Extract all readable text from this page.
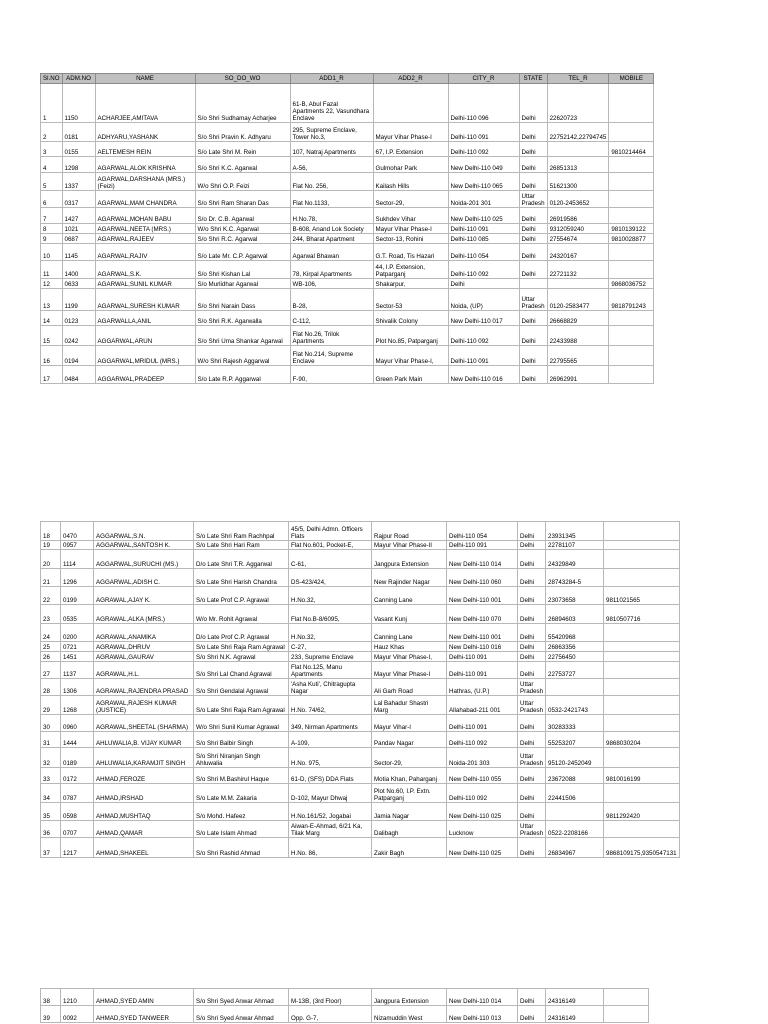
Sl.NO	ADM.NO	NAME	SO_DO_WO	ADD1_R	ADD2_R	CITY_R	STATE	TEL_R	MOBILE
1	1150	ACHARJEE,AMITAVA	S/o Shri Sudhamay Acharjee	61-B, Abul Fazal Apartments 22, Vasundhara Enclave		Delhi-110 096	Delhi	22620723	
2	0181	ADHYARU,YASHANK	S/o Shri Pravin K. Adhyaru	295, Supreme Enclave, Tower No.3,	Mayur Vihar Phase-I	Delhi-110 091	Delhi	22752142,22794745	
3	0155	AELTEMESH REIN	S/o Late Shri M. Rein	107, Natraj Apartments	67, I.P. Extension	Delhi-110 092	Delhi		9810214464
4	1298	AGARWAL,ALOK KRISHNA	S/o Shri K.C. Agarwal	A-56,	Gulmohar Park	New Delhi-110 049	Delhi	26851313	
5	1337	AGARWAL,DARSHANA (MRS.) (Feizi)	W/o Shri O.P. Feizi	Flat No. 256,	Kailash Hills	New Delhi-110 065	Delhi	51621300	
6	0317	AGARWAL,MAM CHANDRA	S/o Shri Ram Sharan Das	Flat No.1133,	Sector-29,	Noida-201 301	Uttar Pradesh	0120-2453652	
7	1427	AGARWAL,MOHAN BABU	S/o Dr. C.B. Agarwal	H.No.78,	Sukhdev Vihar	New Delhi-110 025	Delhi	26919586	
8	1021	AGARWAL,NEETA (MRS.)	W/o Shri K.C. Agarwal	B-608, Anand Lok Society	Mayur Vihar Phase-I	Delhi-110 091	Delhi	9312059240	9810139122
9	0687	AGARWAL,RAJEEV	S/o Shri R.C. Agarwal	244, Bharat Apartment	Sector-13, Rohini	Delhi-110 085	Delhi	27554674	9810028877
10	1145	AGARWAL,RAJIV	S/o Late Mr. C.P. Agarwal	Agarwal Bhawan	G.T. Road, Tis Hazari	Delhi-110 054	Delhi	24320167	
11	1400	AGARWAL,S.K.	S/o Shri Kishan Lal	78, Kirpal Apartments	44, I.P. Extension, Patparganj	Delhi-110 092	Delhi	22721132	
12	0633	AGARWAL,SUNIL KUMAR	S/o Murlidhar Agarwal	WB-106,	Shakarpur,	Delhi			9868036752
13	1199	AGARWAL,SURESH KUMAR	S/o Shri Narain Dass	B-28,	Sector-53	Noida, (UP)	Uttar Pradesh	0120-2583477	9818791243
14	0123	AGARWALLA,ANIL	S/o Shri R.K. Agarwalla	C-112,	Shivalik Colony	New Delhi-110 017	Delhi	26668829	
15	0242	AGGARWAL,ARUN	S/o Shri Uma Shankar Agarwal	Flat No.26, Trilok Apartments	Plot No.85, Patparganj	Delhi-110 092	Delhi	22433988	
16	0194	AGGARWAL,MRIDUL (MRS.)	W/o Shri Rajesh Aggarwal	Flat No.214, Supreme Enclave	Mayur Vihar Phase-I,	Delhi-110 091	Delhi	22795565	
17	0484	AGGARWAL,PRADEEP	S/o Late R.P. Aggarwal	F-90,	Green Park Main	New Delhi-110 016	Delhi	26962991	
18	0470	AGGARWAL,S.N.	S/o Late Shri Ram Rachhpal	45/5, Delhi Admn. Officers Flats	Rajpur Road	Delhi-110 054	Delhi	23931345	
19	0957	AGGARWAL,SANTOSH K.	S/o Late Shri Hari Ram	Flat No.601, Pocket-E,	Mayur Vihar Phase-II	Delhi-110 091	Delhi	22781107	
20	1114	AGGARWAL,SURUCHI (MS.)	D/o Late Shri T.R. Aggarwal	C-61,	Jangpura Extension	New Delhi-110 014	Delhi	24329849	
21	1296	AGGARWAL,ADISH C.	S/o Late Shri Harish Chandra	DS-423/424,	New Rajinder Nagar	New Delhi-110 060	Delhi	28743284-5	
22	0199	AGRAWAL,AJAY K.	S/o Late Prof C.P. Agrawal	H.No.32,	Canning Lane	New Delhi-110 001	Delhi	23073658	9811021565
23	0535	AGRAWAL,ALKA (MRS.)	W/o Mr. Rohit Agrawal	Flat No.B-8/6095,	Vasant Kunj	New Delhi-110 070	Delhi	26894603	9810507716
24	0200	AGRAWAL,ANAMIKA	D/o Late Prof C.P. Agrawal	H.No.32,	Canning Lane	New Delhi-110 001	Delhi	55420968	
25	0721	AGRAWAL,DHRUV	S/o Late Shri Raja Ram Agrawal	C-27,	Hauz Khas	New Delhi-110 016	Delhi	26863356	
26	1451	AGRAWAL,GAURAV	S/o Shri N.K. Agrawal	233, Supreme Enclave	Mayur Vihar Phase-I,	Delhi-110 091	Delhi	22756450	
27	1137	AGRAWAL,H.L.	S/o Shri Lal Chand Agrawal	Flat No.125, Manu Apartments	Mayur Vihar Phase-I	Delhi-110 091	Delhi	22753727	
28	1306	AGRAWAL,RAJENDRA PRASAD	S/o Shri Gendalal Agrawal	'Asha Kuti', Chitragupta Nagar	Ali Garh Road	Hathras, (U.P.)	Uttar Pradesh		
29	1268	AGRAWAL,RAJESH KUMAR (JUSTICE)	S/o Late Shri Raja Ram Agrawal	H.No. 74/62,	Lal Bahadur Shastri Marg	Allahabad-211 001	Uttar Pradesh	0532-2421743	
30	0960	AGRAWAL,SHEETAL (SHARMA)	W/o Shri Sunil Kumar Agrawal	349, Nirman Apartments	Mayur Vihar-I	Delhi-110 091	Delhi	30283333	
31	1444	AHLUWALIA,B. VIJAY KUMAR	S/o Shri Balbir Singh	A-109,	Pandav Nagar	Delhi-110 092	Delhi	55253207	9868030204
32	0189	AHLUWALIA,KARAMJIT SINGH	S/o Shri Niranjan Singh Ahluwalia	H.No. 975,	Sector-29,	Noida-201 303	Uttar Pradesh	95120-2452049	
33	0172	AHMAD,FEROZE	S/o Shri M.Bashirul Haque	61-D, (SFS) DDA Flats	Motia Khan, Paharganj	New Delhi-110 055	Delhi	23672088	9810016199
34	0787	AHMAD,IRSHAD	S/o Late M.M. Zakaria	D-102, Mayur Dhwaj	Plot No.60, I.P. Extn. Patparganj	Delhi-110 092	Delhi	22441506	
35	0598	AHMAD,MUSHTAQ	S/o Mohd. Hafeez	H.No.161/52, Jogabai	Jamia Nagar	New Delhi-110 025	Delhi		9811292420
36	0707	AHMAD,QAMAR	S/o Late Islam Ahmad	Aiwan-E-Ahmad, 6/21 Ka, Tilak Marg	Dalibagh	Lucknow	Uttar Pradesh	0522-2208166	
37	1217	AHMAD,SHAKEEL	S/o Shri Rashid Ahmad	H.No. 86,	Zakir Bagh	New Delhi-110 025	Delhi	26834967	9868109175,9350547131
38	1210	AHMAD,SYED AMIN	S/o Shri Syed Anwar Ahmad	M-13B, (3rd Floor)	Jangpura Extension	New Delhi-110 014	Delhi	24316149	
39	0092	AHMAD,SYED TANWEER	S/o Shri Syed Anwar Ahmad	Opp. G-7,	Nizamuddin West	New Delhi-110 013	Delhi	24316149	
